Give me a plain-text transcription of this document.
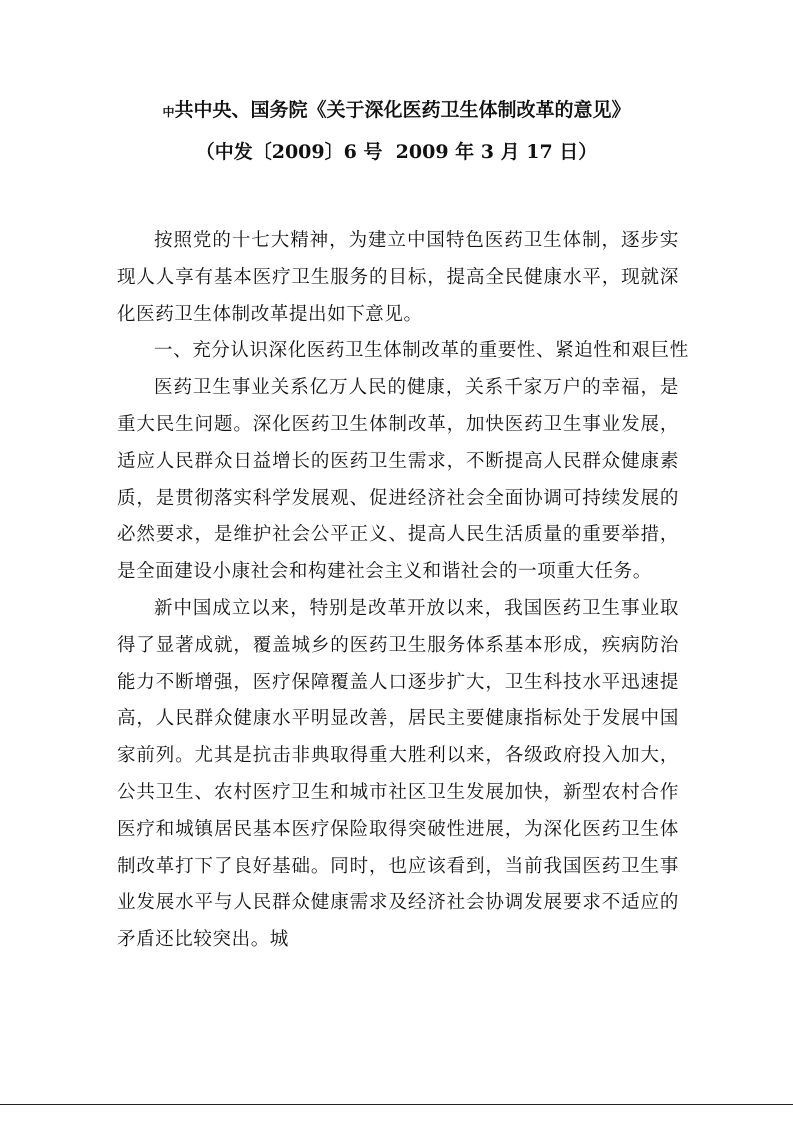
中共中央、国务院《关于深化医药卫生体制改革的意见》
（中发〔2009〕6 号  2009 年 3 月 17 日）

按照党的十七大精神，为建立中国特色医药卫生体制，逐步实现人人享有基本医疗卫生服务的目标，提高全民健康水平，现就深化医药卫生体制改革提出如下意见。

一、充分认识深化医药卫生体制改革的重要性、紧迫性和艰巨性

医药卫生事业关系亿万人民的健康，关系千家万户的幸福，是重大民生问题。深化医药卫生体制改革，加快医药卫生事业发展，适应人民群众日益增长的医药卫生需求，不断提高人民群众健康素质，是贯彻落实科学发展观、促进经济社会全面协调可持续发展的必然要求，是维护社会公平正义、提高人民生活质量的重要举措，是全面建设小康社会和构建社会主义和谐社会的一项重大任务。

新中国成立以来，特别是改革开放以来，我国医药卫生事业取得了显著成就，覆盖城乡的医药卫生服务体系基本形成，疾病防治能力不断增强，医疗保障覆盖人口逐步扩大，卫生科技水平迅速提高，人民群众健康水平明显改善，居民主要健康指标处于发展中国家前列。尤其是抗击非典取得重大胜利以来，各级政府投入加大，公共卫生、农村医疗卫生和城市社区卫生发展加快，新型农村合作医疗和城镇居民基本医疗保险取得突破性进展，为深化医药卫生体制改革打下了良好基础。同时，也应该看到，当前我国医药卫生事业发展水平与人民群众健康需求及经济社会协调发展要求不适应的矛盾还比较突出。城
